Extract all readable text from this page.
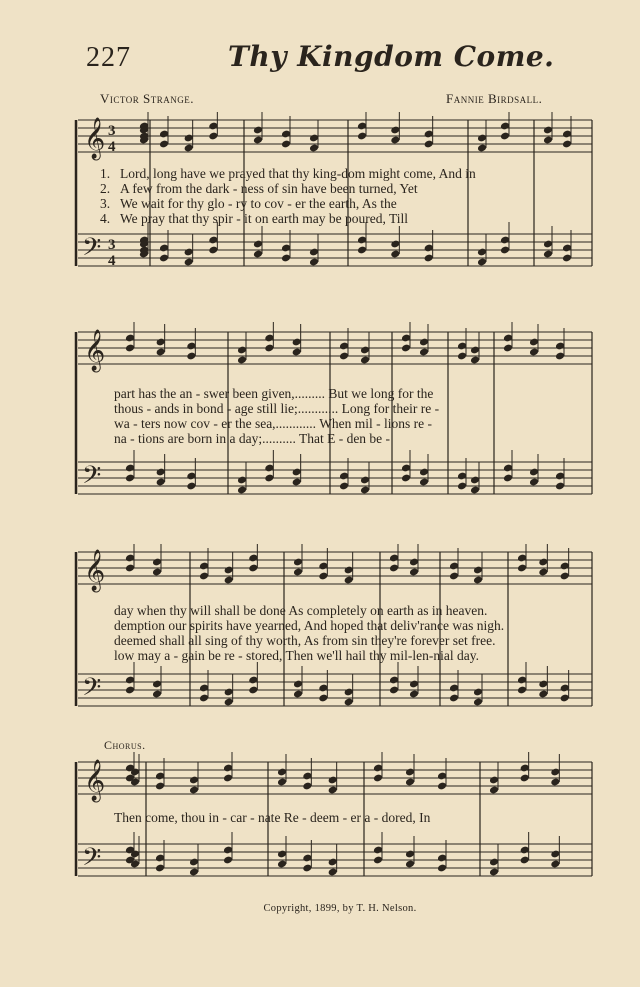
227	Thy Kingdom Come.
Victor Strange.	Fannie Birdsall.
𝄞
𝄢
3
4
3
4
1. Lord, long have we prayed that thy king-dom might come, And in
2. A few from the dark - ness of sin have been turned, Yet
3. We wait for thy glo - ry to cov - er the earth, As the
4. We pray that thy spir - it on earth may be poured, Till
𝄞
𝄢
part has the an - swer been given,......... But we long for the
thous - ands in bond - age still lie;............ Long for their re -
wa - ters now cov - er the sea,............ When mil - lions re -
na - tions are born in a day;.......... That E - den be -
𝄞
𝄢
day when thy will shall be done As completely on earth as in heaven.
demption our spirits have yearned, And hoped that deliv'rance was nigh.
deemed shall all sing of thy worth, As from sin they're forever set free.
low may a - gain be re - stored, Then we'll hail thy mil-len-nial day.
Chorus.
𝄞
𝄢
Then come, thou in - car - nate Re - deem - er a - dored, In
Copyright, 1899, by T. H. Nelson.
